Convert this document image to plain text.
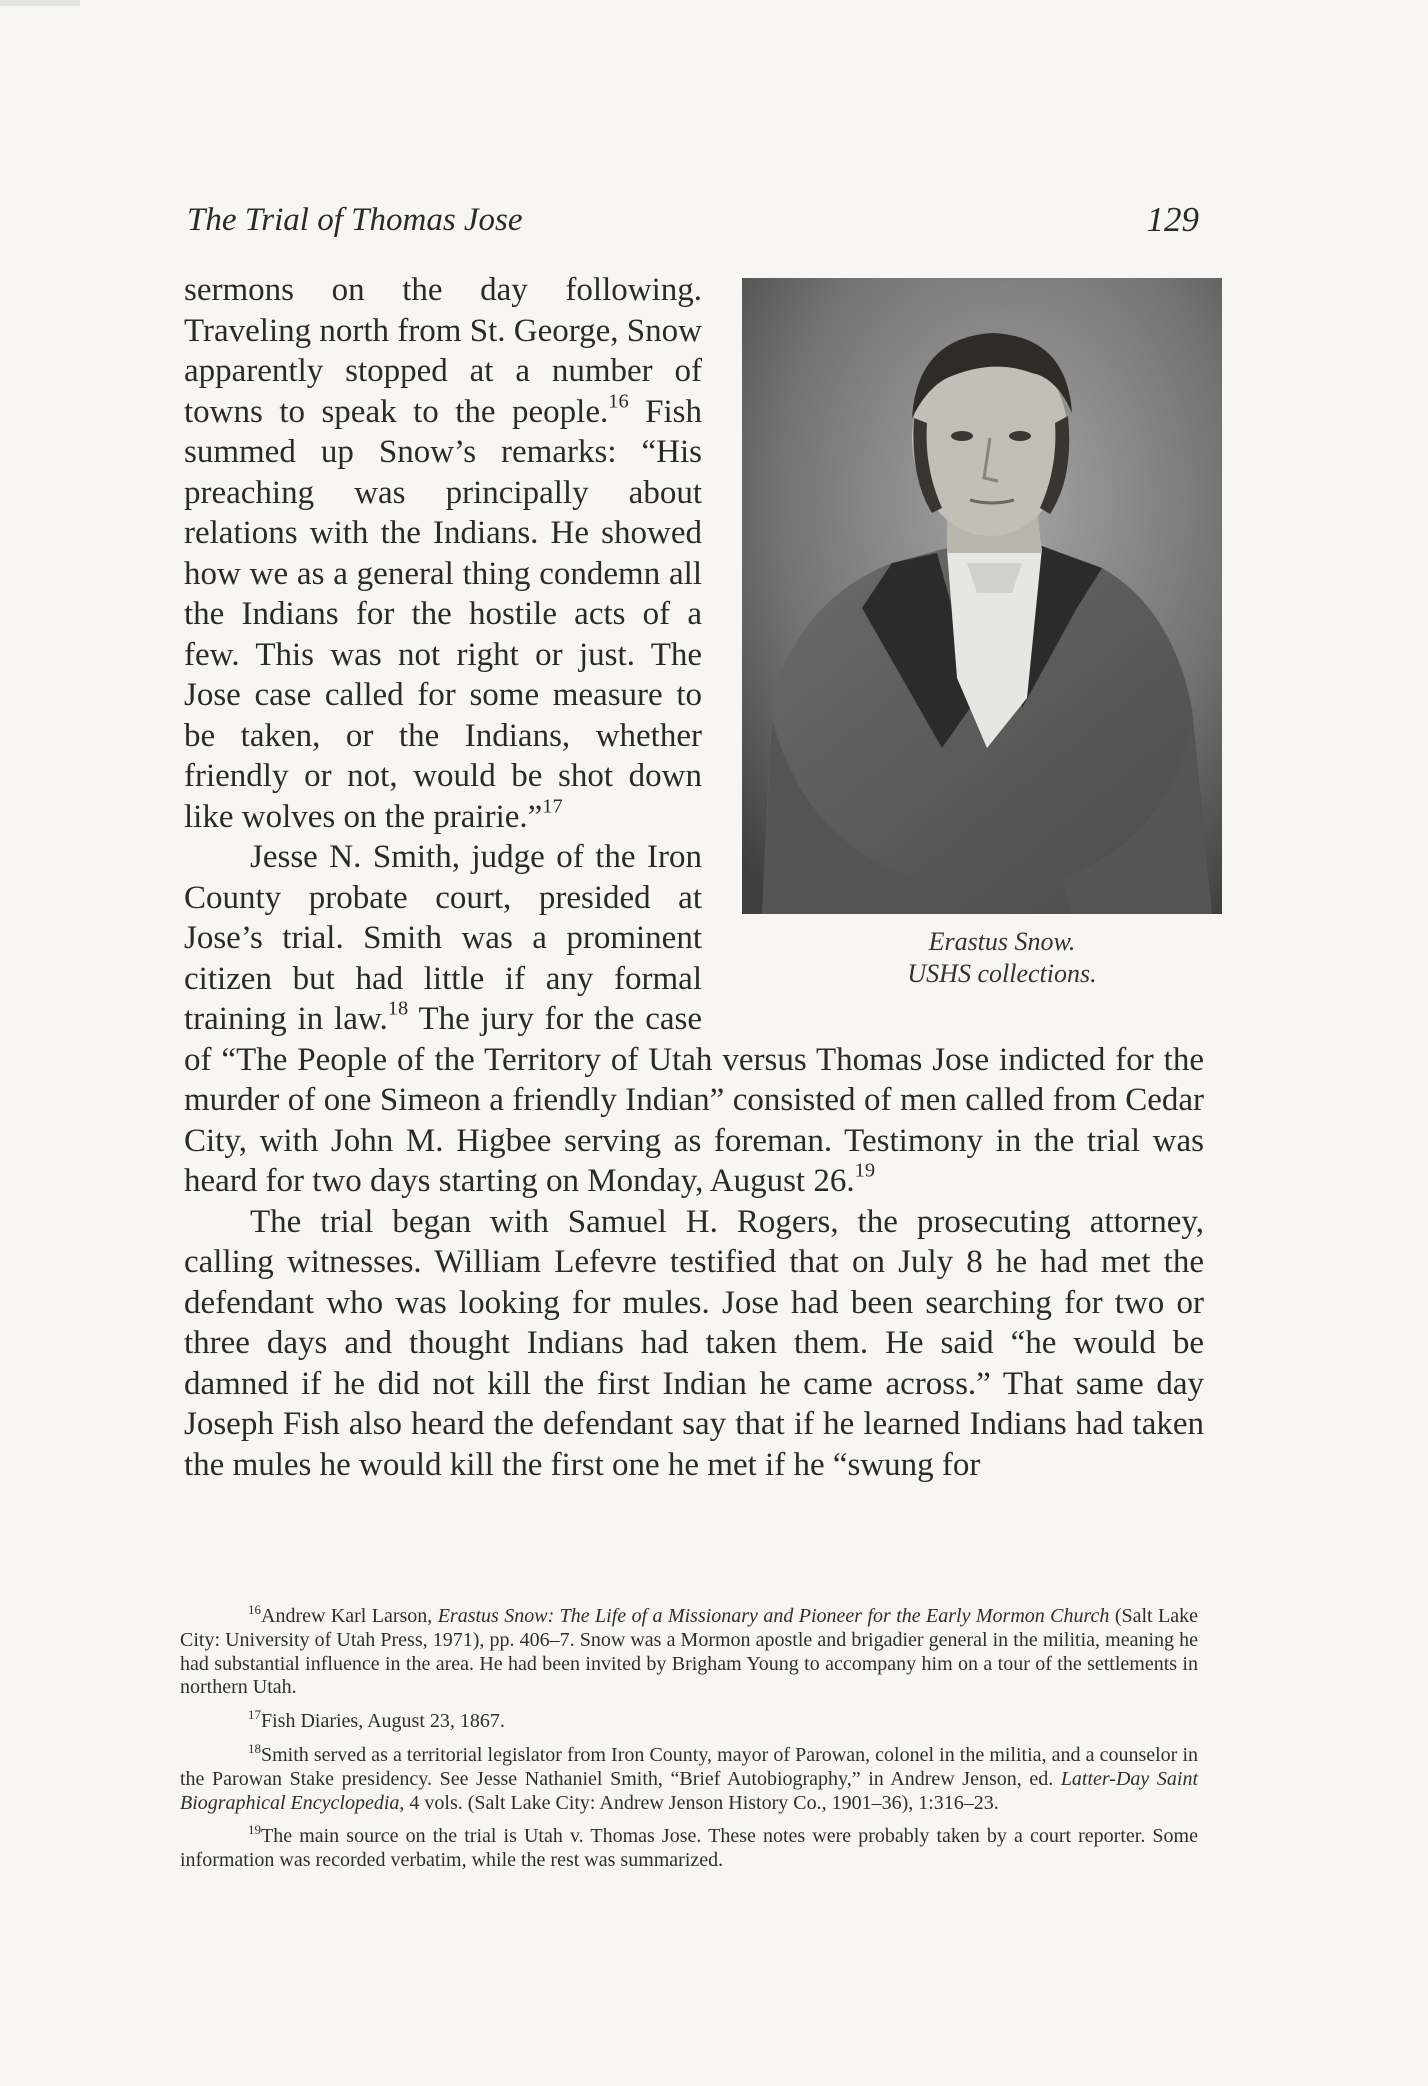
The Trial of Thomas Jose	129
Erastus Snow.
USHS collections.

sermons on the day following. Traveling north from St. George, Snow apparently stopped at a number of towns to speak to the people.$^{16}$ Fish summed up Snow’s remarks: “His preaching was principally about relations with the Indians. He showed how we as a general thing condemn all the Indians for the hostile acts of a few. This was not right or just. The Jose case called for some measure to be taken, or the Indians, whether friendly or not, would be shot down like wolves on the prairie.”$^{17}$

Jesse N. Smith, judge of the Iron County probate court, presided at Jose’s trial. Smith was a prominent citizen but had little if any formal training in law.$^{18}$ The jury for the case of “The People of the Territory of Utah versus Thomas Jose indicted for the murder of one Simeon a friendly Indian” consisted of men called from Cedar City, with John M. Higbee serving as foreman. Testimony in the trial was heard for two days starting on Monday, August 26.19

The trial began with Samuel H. Rogers, the prosecuting attorney, calling witnesses. William Lefevre testified that on July 8 he had met the defendant who was looking for mules. Jose had been searching for two or three days and thought Indians had taken them. He said “he would be damned if he did not kill the first Indian he came across.” That same day Joseph Fish also heard the defendant say that if he learned Indians had taken the mules he would kill the first one he met if he “swung for

$^{16}$Andrew Karl Larson, Erastus Snow: The Life of a Missionary and Pioneer for the Early Mormon Church (Salt Lake City: University of Utah Press, 1971), pp. 406–7. Snow was a Mormon apostle and brigadier general in the militia, meaning he had substantial influence in the area. He had been invited by Brigham Young to accompany him on a tour of the settlements in northern Utah.

$^{17}$Fish Diaries, August 23, 1867.

$^{18}$Smith served as a territorial legislator from Iron County, mayor of Parowan, colonel in the militia, and a counselor in the Parowan Stake presidency. See Jesse Nathaniel Smith, “Brief Autobiography,” in Andrew Jenson, ed. Latter-Day Saint Biographical Encyclopedia, 4 vols. (Salt Lake City: Andrew Jenson History Co., 1901–36), 1:316–23.

$^{19}$The main source on the trial is Utah v. Thomas Jose. These notes were probably taken by a court reporter. Some information was recorded verbatim, while the rest was summarized.
